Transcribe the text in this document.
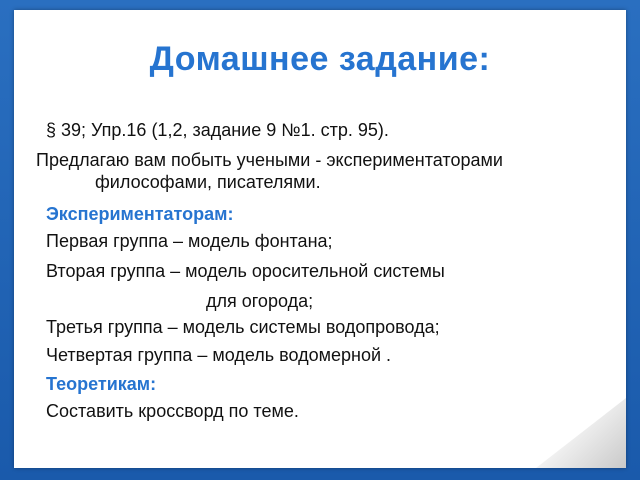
Домашнее задание:
§ 39; Упр.16 (1,2, задание 9 №1. стр. 95).
Предлагаю вам побыть учеными - экспериментаторами
философами, писателями.
Экспериментаторам:
Первая группа – модель фонтана;
Вторая группа – модель оросительной системы
для огорода;
Третья группа – модель системы водопровода;
Четвертая группа – модель водомерной .
Теоретикам:
Составить кроссворд по теме.
